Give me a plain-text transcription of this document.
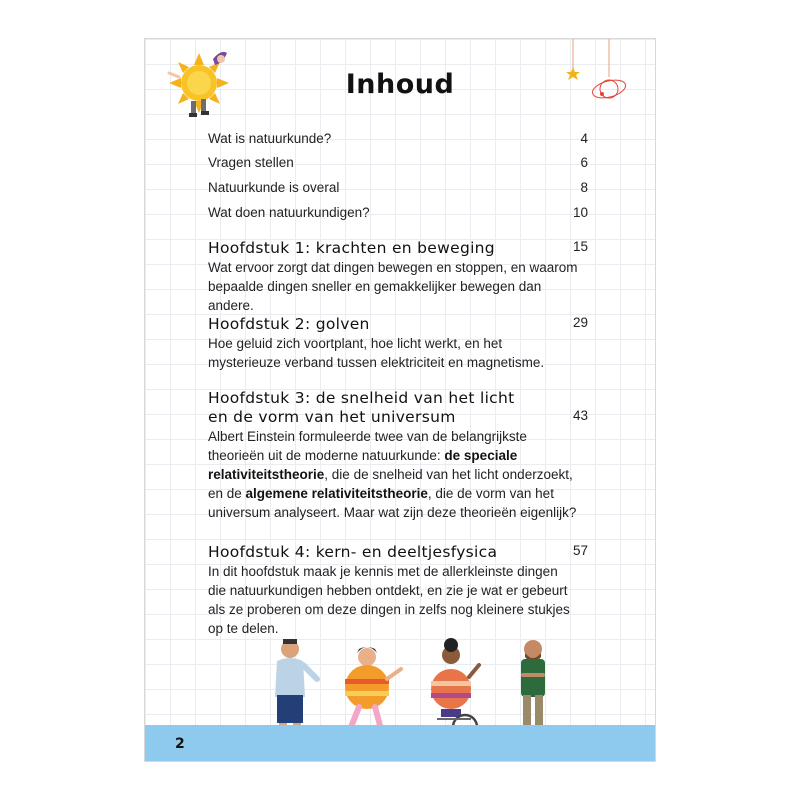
Inhoud
Wat is natuurkunde?	4
Vragen stellen	6
Natuurkunde is overal	8
Wat doen natuurkundigen?	10

Hoofdstuk 1: krachten en beweging	15

Wat ervoor zorgt dat dingen bewegen en stoppen, en waarom bepaalde dingen sneller en gemakkelijker bewegen dan andere.

Hoofdstuk 2: golven	29

Hoe geluid zich voortplant, hoe licht werkt, en het mysterieuze verband tussen elektriciteit en magnetisme.

Hoofdstuk 3: de snelheid van het licht

en de vorm van het universum	43

Albert Einstein formuleerde twee van de belangrijkste theorieën uit de moderne natuurkunde: de speciale relativiteitstheorie, die de snelheid van het licht onderzoekt, en de algemene relativiteitstheorie, die de vorm van het universum analyseert. Maar wat zijn deze theorieën eigenlijk?

Hoofdstuk 4: kern- en deeltjesfysica	57

In dit hoofdstuk maak je kennis met de allerkleinste dingen die natuurkundigen hebben ontdekt, en zie je wat er gebeurt als ze proberen om deze dingen in zelfs nog kleinere stukjes op te delen.

2
